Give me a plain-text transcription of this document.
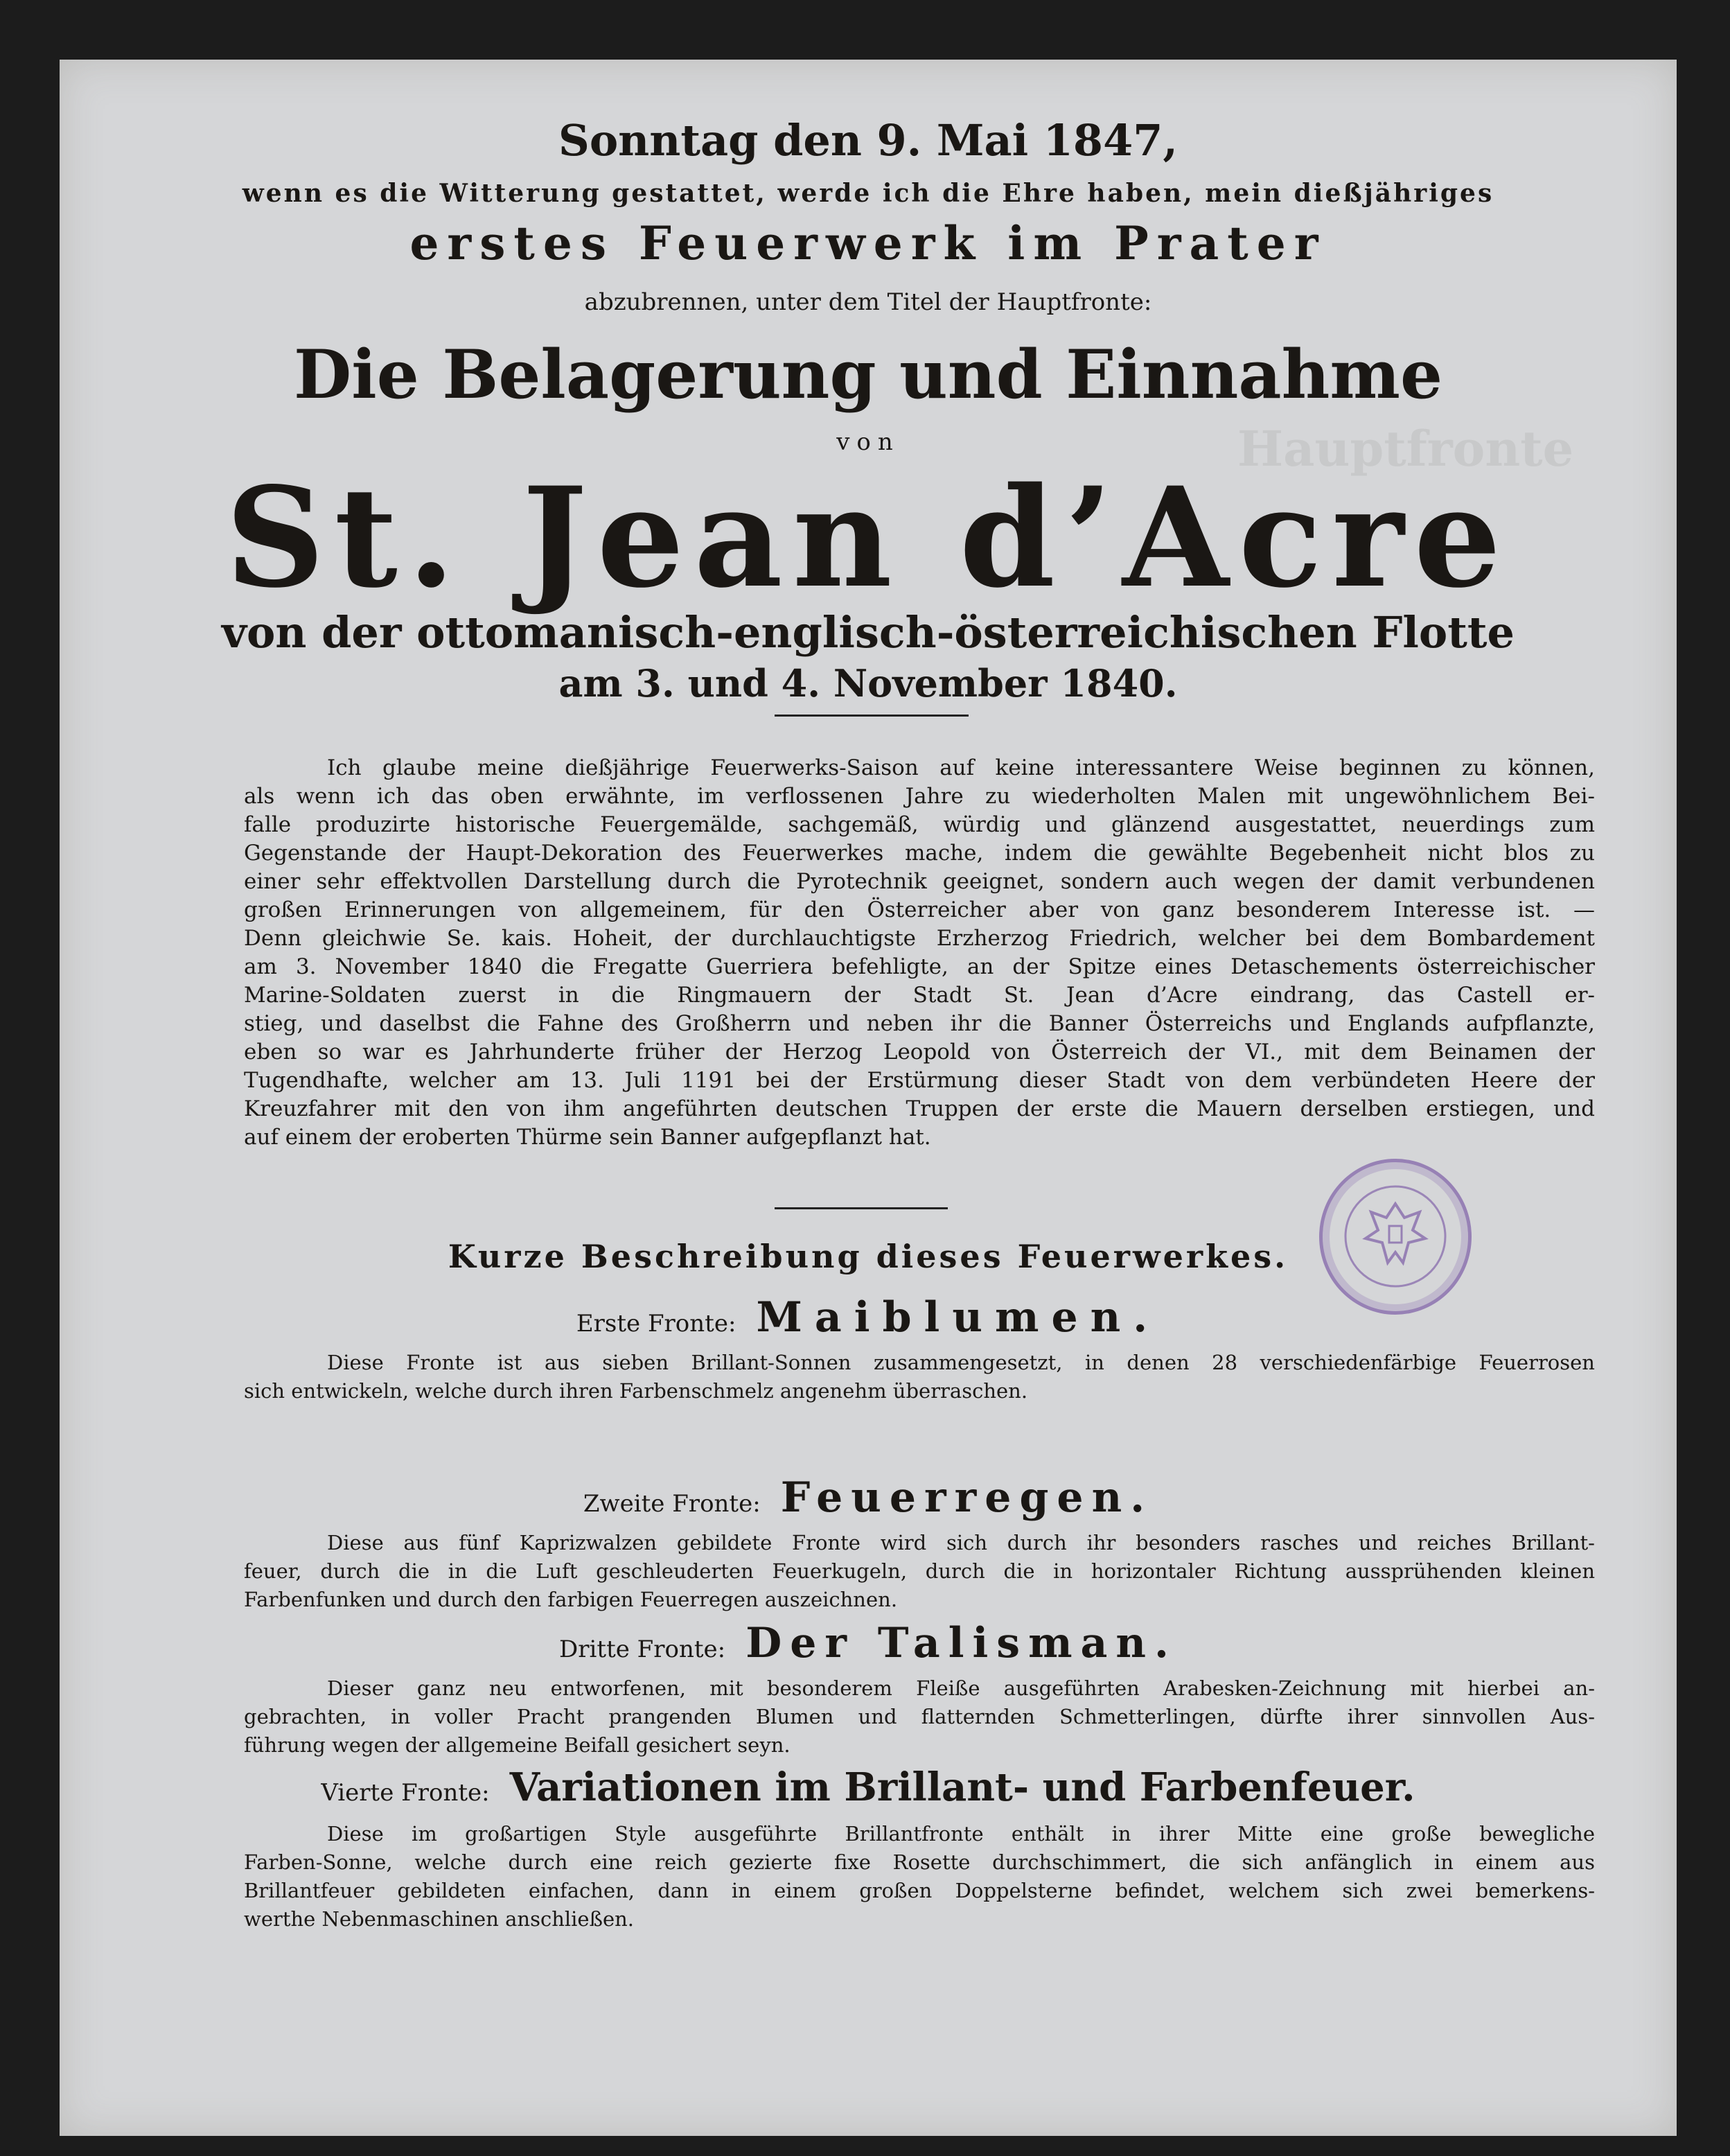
Hauptfronte
Sonntag den 9. Mai 1847,
wenn es die Witterung gestattet, werde ich die Ehre haben, mein dießjähriges
erstes Feuerwerk im Prater
abzubrennen, unter dem Titel der Hauptfronte:
Die Belagerung und Einnahme
von
St. Jean d’Acre
von der ottomanisch-englisch-österreichischen Flotte
am 3. und 4. November 1840.
Ich glaube meine dießjährige Feuerwerks-Saison auf keine interessantere Weise beginnen zu können,
als wenn ich das oben erwähnte, im verflossenen Jahre zu wiederholten Malen mit ungewöhnlichem Bei-
falle produzirte historische Feuergemälde, sachgemäß, würdig und glänzend ausgestattet, neuerdings zum
Gegenstande der Haupt-Dekoration des Feuerwerkes mache, indem die gewählte Begebenheit nicht blos zu
einer sehr effektvollen Darstellung durch die Pyrotechnik geeignet, sondern auch wegen der damit verbundenen
großen Erinnerungen von allgemeinem, für den Österreicher aber von ganz besonderem Interesse ist. —
Denn gleichwie Se. kais. Hoheit, der durchlauchtigste Erzherzog Friedrich, welcher bei dem Bombardement
am 3. November 1840 die Fregatte Guerriera befehligte, an der Spitze eines Detaschements österreichischer
Marine-Soldaten zuerst in die Ringmauern der Stadt St. Jean d’Acre eindrang, das Castell er-
stieg, und daselbst die Fahne des Großherrn und neben ihr die Banner Österreichs und Englands aufpflanzte,
eben so war es Jahrhunderte früher der Herzog Leopold von Österreich der VI., mit dem Beinamen der
Tugendhafte, welcher am 13. Juli 1191 bei der Erstürmung dieser Stadt von dem verbündeten Heere der
Kreuzfahrer mit den von ihm angeführten deutschen Truppen der erste die Mauern derselben erstiegen, und
auf einem der eroberten Thürme sein Banner aufgepflanzt hat.
Kurze Beschreibung dieses Feuerwerkes.
Erste Fronte: Maiblumen.
Diese Fronte ist aus sieben Brillant-Sonnen zusammengesetzt, in denen 28 verschiedenfärbige Feuerrosen
sich entwickeln, welche durch ihren Farbenschmelz angenehm überraschen.
Zweite Fronte: Feuerregen.
Diese aus fünf Kaprizwalzen gebildete Fronte wird sich durch ihr besonders rasches und reiches Brillant-
feuer, durch die in die Luft geschleuderten Feuerkugeln, durch die in horizontaler Richtung aussprühenden kleinen
Farbenfunken und durch den farbigen Feuerregen auszeichnen.
Dritte Fronte: Der Talisman.
Dieser ganz neu entworfenen, mit besonderem Fleiße ausgeführten Arabesken-Zeichnung mit hierbei an-
gebrachten, in voller Pracht prangenden Blumen und flatternden Schmetterlingen, dürfte ihrer sinnvollen Aus-
führung wegen der allgemeine Beifall gesichert seyn.
Vierte Fronte: Variationen im Brillant- und Farbenfeuer.
Diese im großartigen Style ausgeführte Brillantfronte enthält in ihrer Mitte eine große bewegliche
Farben-Sonne, welche durch eine reich gezierte fixe Rosette durchschimmert, die sich anfänglich in einem aus
Brillantfeuer gebildeten einfachen, dann in einem großen Doppelsterne befindet, welchem sich zwei bemerkens-
werthe Nebenmaschinen anschließen.
